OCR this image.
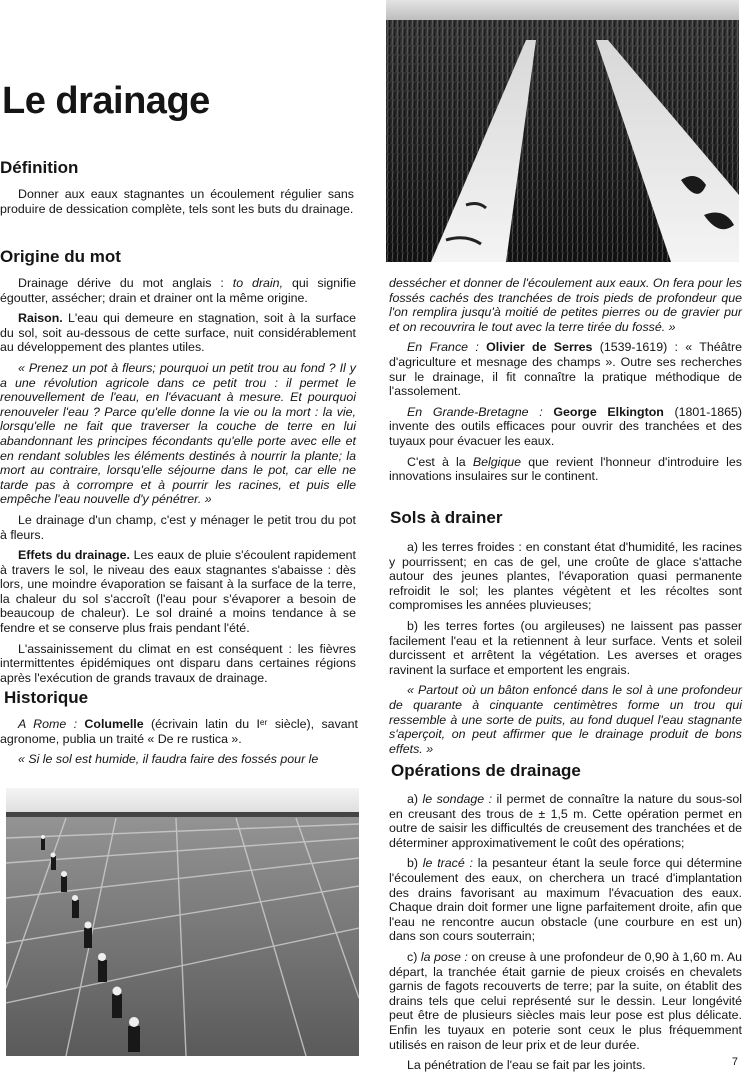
Le drainage
Définition

Donner aux eaux stagnantes un écoulement régulier sans produire de dessication complète, tels sont les buts du drainage.

Origine du mot

Drainage dérive du mot anglais : to drain, qui signifie égoutter, assécher; drain et drainer ont la même origine.

Raison. L'eau qui demeure en stagnation, soit à la surface du sol, soit au-dessous de cette surface, nuit considérablement au développement des plantes utiles.

« Prenez un pot à fleurs; pourquoi un petit trou au fond ? Il y a une révolution agricole dans ce petit trou : il permet le renouvellement de l'eau, en l'évacuant à mesure. Et pourquoi renouveler l'eau ? Parce qu'elle donne la vie ou la mort : la vie, lorsqu'elle ne fait que traverser la couche de terre en lui abandonnant les principes fécondants qu'elle porte avec elle et en rendant solubles les éléments destinés à nourrir la plante; la mort au contraire, lorsqu'elle séjourne dans le pot, car elle ne tarde pas à corrompre et à pourrir les racines, et puis elle empêche l'eau nouvelle d'y pénétrer. »

Le drainage d'un champ, c'est y ménager le petit trou du pot à fleurs.

Effets du drainage. Les eaux de pluie s'écoulent rapidement à travers le sol, le niveau des eaux stagnantes s'abaisse : dès lors, une moindre évaporation se faisant à la surface de la terre, la chaleur du sol s'accroît (l'eau pour s'évaporer a besoin de beaucoup de chaleur). Le sol drainé a moins tendance à se fendre et se conserve plus frais pendant l'été.

L'assainissement du climat en est conséquent : les fièvres intermittentes épidémiques ont disparu dans certaines régions après l'exécution de grands travaux de drainage.

Historique

A Rome : Columelle (écrivain latin du Iᵉʳ siècle), savant agronome, publia un traité « De re rustica ».

« Si le sol est humide, il faudra faire des fossés pour le

dessécher et donner de l'écoulement aux eaux. On fera pour les fossés cachés des tranchées de trois pieds de profondeur que l'on remplira jusqu'à moitié de petites pierres ou de gravier pur et on recouvrira le tout avec la terre tirée du fossé. »

En France : Olivier de Serres (1539-1619) : « Théâtre d'agriculture et mesnage des champs ». Outre ses recherches sur le drainage, il fit connaître la pratique méthodique de l'assolement.

En Grande-Bretagne : George Elkington (1801-1865) invente des outils efficaces pour ouvrir des tranchées et des tuyaux pour évacuer les eaux.

C'est à la Belgique que revient l'honneur d'introduire les innovations insulaires sur le continent.

Sols à drainer

a) les terres froides : en constant état d'humidité, les racines y pourrissent; en cas de gel, une croûte de glace s'attache autour des jeunes plantes, l'évaporation quasi permanente refroidit le sol; les plantes végètent et les récoltes sont compromises les années pluvieuses;

b) les terres fortes (ou argileuses) ne laissent pas passer facilement l'eau et la retiennent à leur surface. Vents et soleil durcissent et arrêtent la végétation. Les averses et orages ravinent la surface et emportent les engrais.

« Partout où un bâton enfoncé dans le sol à une profondeur de quarante à cinquante centimètres forme un trou qui ressemble à une sorte de puits, au fond duquel l'eau stagnante s'aperçoit, on peut affirmer que le drainage produit de bons effets. »

Opérations de drainage

a) le sondage : il permet de connaître la nature du sous-sol en creusant des trous de ± 1,5 m. Cette opération permet en outre de saisir les difficultés de creusement des tranchées et de déterminer approximativement le coût des opérations;

b) le tracé : la pesanteur étant la seule force qui détermine l'écoulement des eaux, on cherchera un tracé d'implantation des drains favorisant au maximum l'évacuation des eaux. Chaque drain doit former une ligne parfaitement droite, afin que l'eau ne rencontre aucun obstacle (une courbure en est un) dans son cours souterrain;

c) la pose : on creuse à une profondeur de 0,90 à 1,60 m. Au départ, la tranchée était garnie de pieux croisés en chevalets garnis de fagots recouverts de terre; par la suite, on établit des drains tels que celui représenté sur le dessin. Leur longévité peut être de plusieurs siècles mais leur pose est plus délicate. Enfin les tuyaux en poterie sont ceux le plus fréquemment utilisés en raison de leur prix et de leur durée.

La pénétration de l'eau se fait par les joints.	7
